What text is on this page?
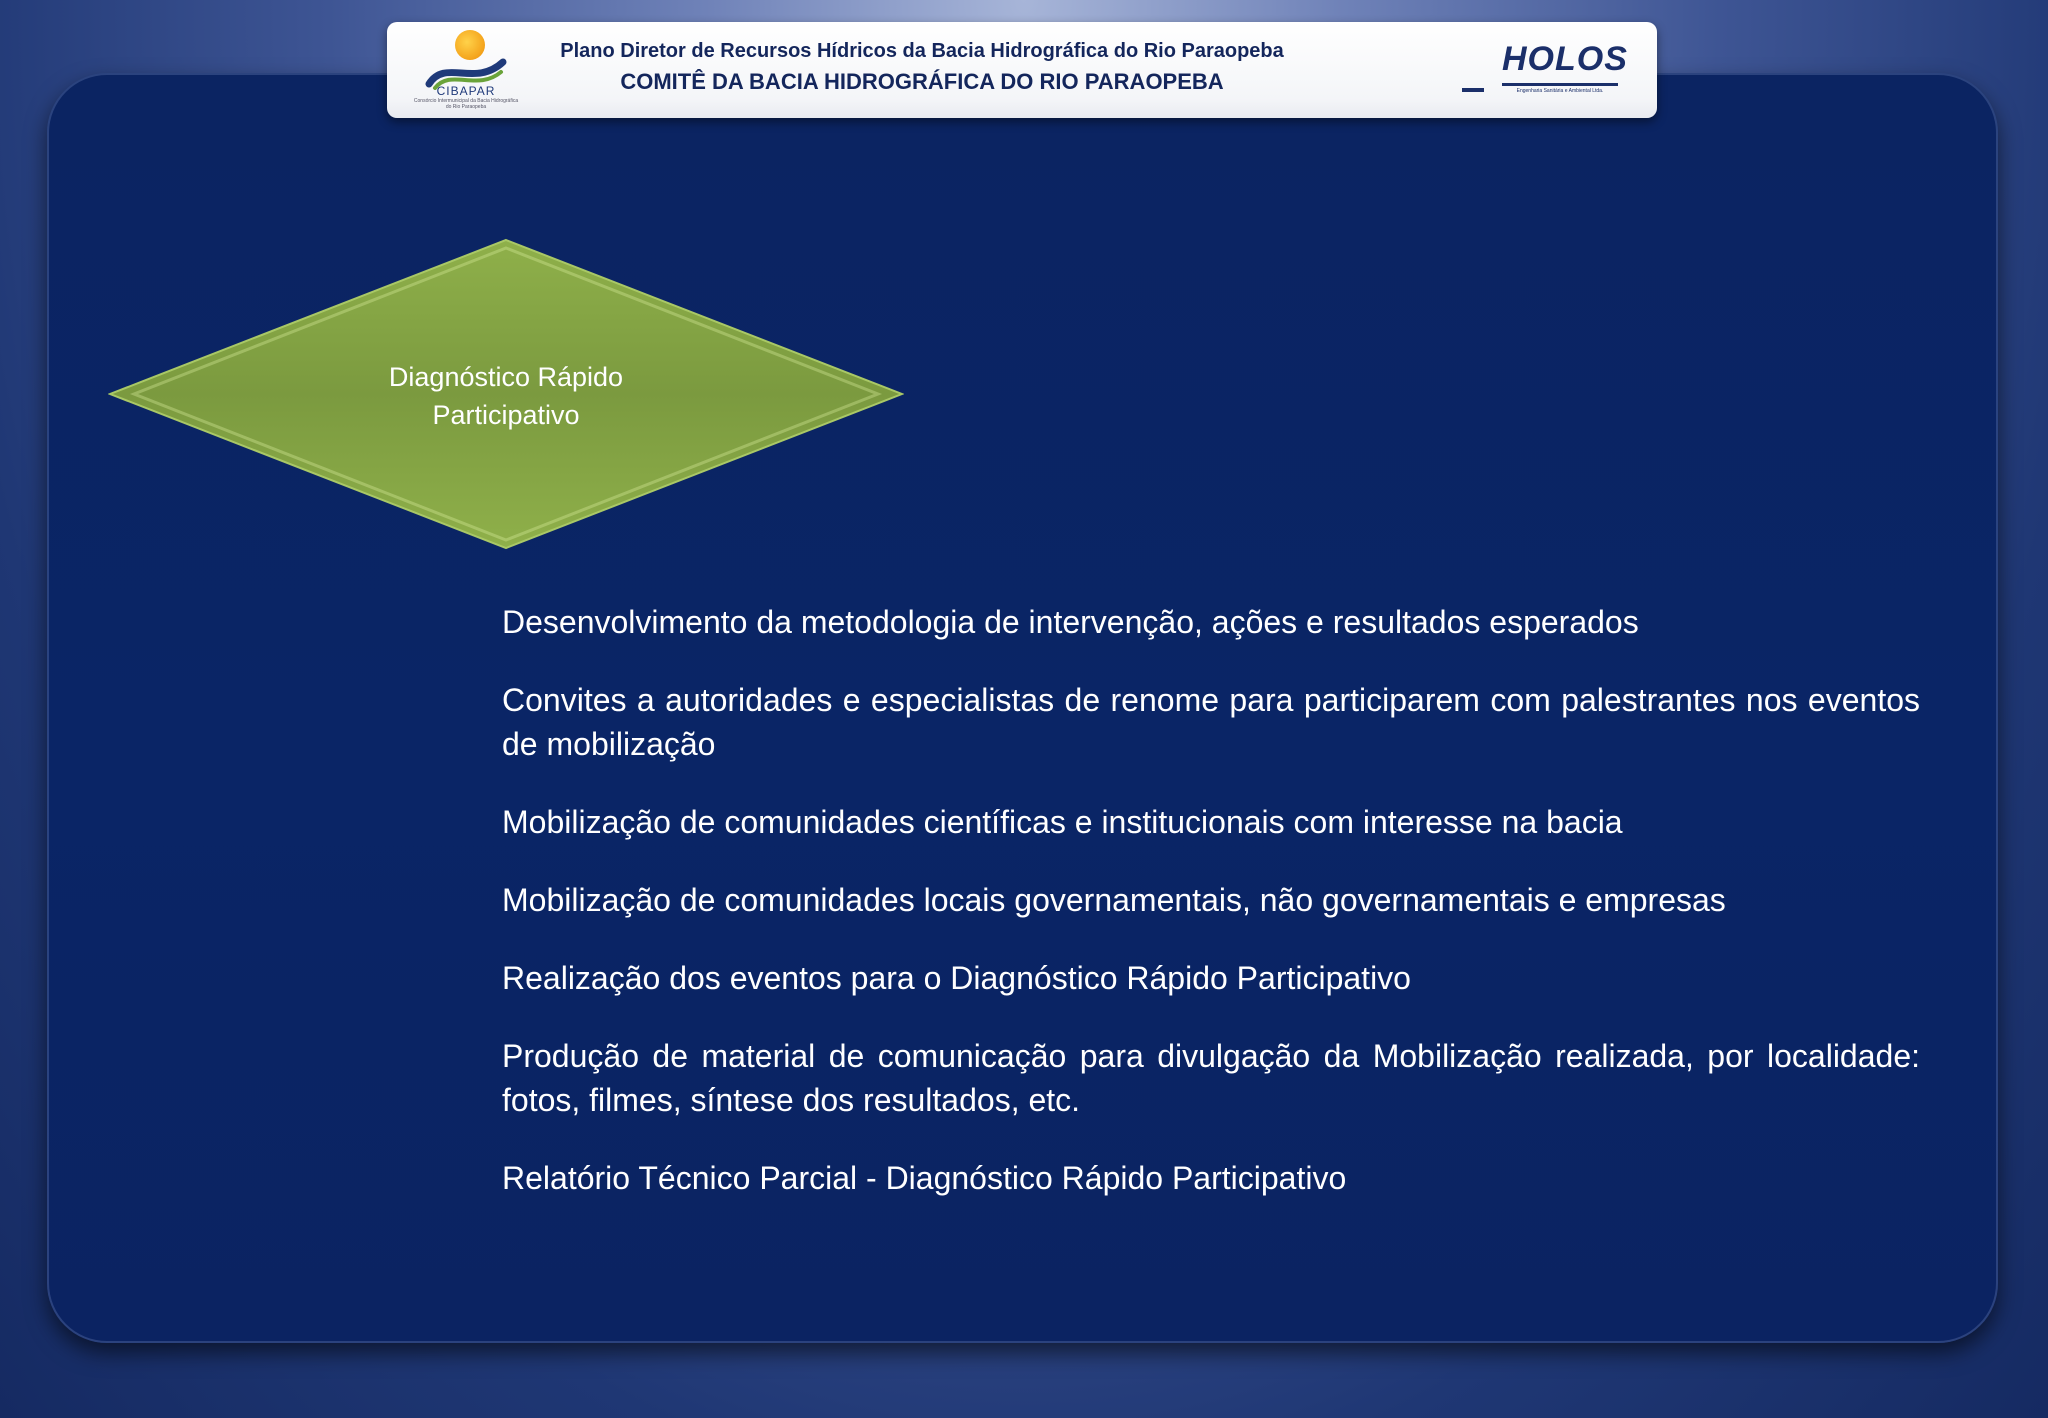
CIBAPAR
Consórcio Intermunicipal da Bacia Hidrográfica do Rio Paraopeba
Plano Diretor de Recursos Hídricos da Bacia Hidrográfica do Rio Paraopeba
COMITÊ DA BACIA HIDROGRÁFICA DO RIO PARAOPEBA
HOLOS
Engenharia Sanitária e Ambiental Ltda.
Diagnóstico Rápido
Participativo
Desenvolvimento da metodologia de intervenção, ações e resultados esperados
Convites a autoridades e especialistas de renome para participarem com palestrantes nos eventos de mobilização
Mobilização de comunidades científicas e institucionais com interesse na bacia
Mobilização de comunidades locais governamentais, não governamentais e empresas
Realização dos eventos para o Diagnóstico Rápido Participativo
Produção de material de comunicação para divulgação da Mobilização realizada, por localidade: fotos, filmes, síntese dos resultados, etc.
Relatório Técnico Parcial - Diagnóstico Rápido Participativo
